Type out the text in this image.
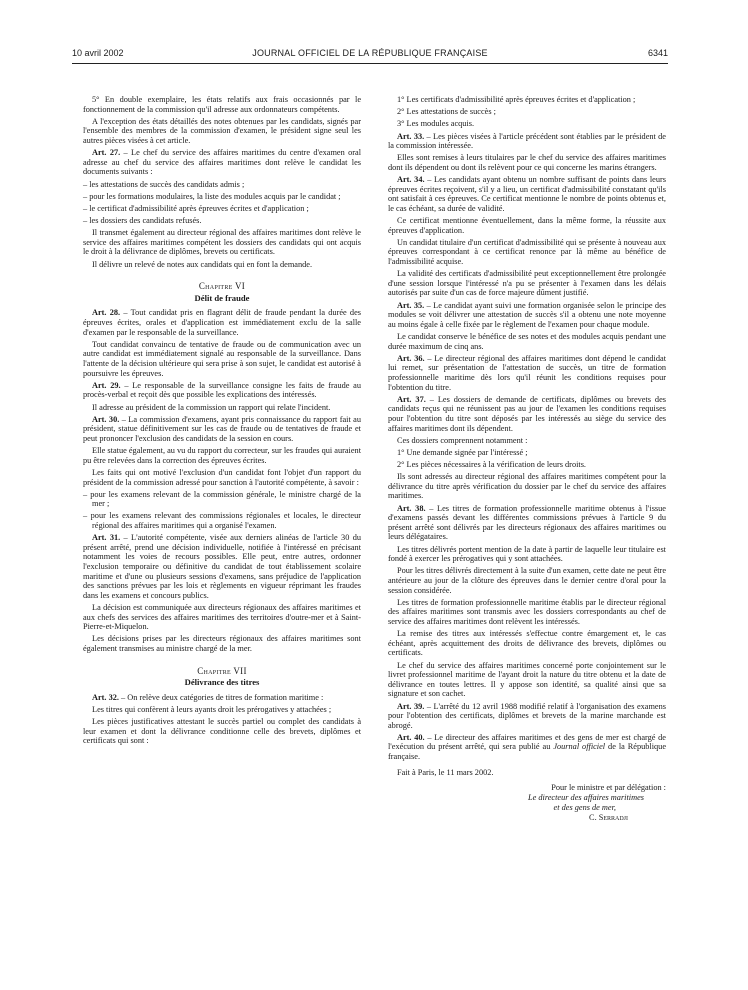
10 avril 2002	JOURNAL OFFICIEL DE LA RÉPUBLIQUE FRANÇAISE	6341

5° En double exemplaire, les états relatifs aux frais occasionnés par le fonctionnement de la commission qu'il adresse aux ordonnateurs compétents.

A l'exception des états détaillés des notes obtenues par les candidats, signés par l'ensemble des membres de la commission d'examen, le président signe seul les autres pièces visées à cet article.

Art. 27. – Le chef du service des affaires maritimes du centre d'examen oral adresse au chef du service des affaires maritimes dont relève le candidat les documents suivants :

– les attestations de succès des candidats admis ;

– pour les formations modulaires, la liste des modules acquis par le candidat ;

– le certificat d'admissibilité après épreuves écrites et d'application ;

– les dossiers des candidats refusés.

Il transmet également au directeur régional des affaires maritimes dont relève le service des affaires maritimes compétent les dossiers des candidats qui ont acquis le droit à la délivrance de diplômes, brevets ou certificats.

Il délivre un relevé de notes aux candidats qui en font la demande.

Chapitre VI
Délit de fraude

Art. 28. – Tout candidat pris en flagrant délit de fraude pendant la durée des épreuves écrites, orales et d'application est immédiatement exclu de la salle d'examen par le responsable de la surveillance.

Tout candidat convaincu de tentative de fraude ou de communication avec un autre candidat est immédiatement signalé au responsable de la surveillance. Dans l'attente de la décision ultérieure qui sera prise à son sujet, le candidat est autorisé à poursuivre les épreuves.

Art. 29. – Le responsable de la surveillance consigne les faits de fraude au procès-verbal et reçoit dès que possible les explications des intéressés.

Il adresse au président de la commission un rapport qui relate l'incident.

Art. 30. – La commission d'examens, ayant pris connaissance du rapport fait au président, statue définitivement sur les cas de fraude ou de tentatives de fraude et peut prononcer l'exclusion des candidats de la session en cours.

Elle statue également, au vu du rapport du correcteur, sur les fraudes qui auraient pu être relevées dans la correction des épreuves écrites.

Les faits qui ont motivé l'exclusion d'un candidat font l'objet d'un rapport du président de la commission adressé pour sanction à l'autorité compétente, à savoir :

– pour les examens relevant de la commission générale, le ministre chargé de la mer ;

– pour les examens relevant des commissions régionales et locales, le directeur régional des affaires maritimes qui a organisé l'examen.

Art. 31. – L'autorité compétente, visée aux derniers alinéas de l'article 30 du présent arrêté, prend une décision individuelle, notifiée à l'intéressé en précisant notamment les voies de recours possibles. Elle peut, entre autres, ordonner l'exclusion temporaire ou définitive du candidat de tout établissement scolaire maritime et d'une ou plusieurs sessions d'examens, sans préjudice de l'application des sanctions prévues par les lois et règlements en vigueur réprimant les fraudes dans les examens et concours publics.

La décision est communiquée aux directeurs régionaux des affaires maritimes et aux chefs des services des affaires maritimes des territoires d'outre-mer et à Saint-Pierre-et-Miquelon.

Les décisions prises par les directeurs régionaux des affaires maritimes sont également transmises au ministre chargé de la mer.

Chapitre VII
Délivrance des titres

Art. 32. – On relève deux catégories de titres de formation maritime :

Les titres qui confèrent à leurs ayants droit les prérogatives y attachées ;

Les pièces justificatives attestant le succès partiel ou complet des candidats à leur examen et dont la délivrance conditionne celle des brevets, diplômes et certificats qui sont :

1° Les certificats d'admissibilité après épreuves écrites et d'application ;

2° Les attestations de succès ;

3° Les modules acquis.

Art. 33. – Les pièces visées à l'article précédent sont établies par le président de la commission intéressée.

Elles sont remises à leurs titulaires par le chef du service des affaires maritimes dont ils dépendent ou dont ils relèvent pour ce qui concerne les marins étrangers.

Art. 34. – Les candidats ayant obtenu un nombre suffisant de points dans leurs épreuves écrites reçoivent, s'il y a lieu, un certificat d'admissibilité constatant qu'ils ont satisfait à ces épreuves. Ce certificat mentionne le nombre de points obtenus et, le cas échéant, sa durée de validité.

Ce certificat mentionne éventuellement, dans la même forme, la réussite aux épreuves d'application.

Un candidat titulaire d'un certificat d'admissibilité qui se présente à nouveau aux épreuves correspondant à ce certificat renonce par là même au bénéfice de l'admissibilité acquise.

La validité des certificats d'admissibilité peut exceptionnellement être prolongée d'une session lorsque l'intéressé n'a pu se présenter à l'examen dans les délais autorisés par suite d'un cas de force majeure dûment justifié.

Art. 35. – Le candidat ayant suivi une formation organisée selon le principe des modules se voit délivrer une attestation de succès s'il a obtenu une note moyenne au moins égale à celle fixée par le règlement de l'examen pour chaque module.

Le candidat conserve le bénéfice de ses notes et des modules acquis pendant une durée maximum de cinq ans.

Art. 36. – Le directeur régional des affaires maritimes dont dépend le candidat lui remet, sur présentation de l'attestation de succès, un titre de formation professionnelle maritime dès lors qu'il réunit les conditions requises pour l'obtention du titre.

Art. 37. – Les dossiers de demande de certificats, diplômes ou brevets des candidats reçus qui ne réunissent pas au jour de l'examen les conditions requises pour l'obtention du titre sont déposés par les intéressés au siège du service des affaires maritimes dont ils dépendent.

Ces dossiers comprennent notamment :

1° Une demande signée par l'intéressé ;

2° Les pièces nécessaires à la vérification de leurs droits.

Ils sont adressés au directeur régional des affaires maritimes compétent pour la délivrance du titre après vérification du dossier par le chef du service des affaires maritimes.

Art. 38. – Les titres de formation professionnelle maritime obtenus à l'issue d'examens passés devant les différentes commissions prévues à l'article 9 du présent arrêté sont délivrés par les directeurs régionaux des affaires maritimes ou leurs délégataires.

Les titres délivrés portent mention de la date à partir de laquelle leur titulaire est fondé à exercer les prérogatives qui y sont attachées.

Pour les titres délivrés directement à la suite d'un examen, cette date ne peut être antérieure au jour de la clôture des épreuves dans le dernier centre d'oral pour la session considérée.

Les titres de formation professionnelle maritime établis par le directeur régional des affaires maritimes sont transmis avec les dossiers correspondants au chef de service des affaires maritimes dont relèvent les intéressés.

La remise des titres aux intéressés s'effectue contre émargement et, le cas échéant, après acquittement des droits de délivrance des brevets, diplômes ou certificats.

Le chef du service des affaires maritimes concerné porte conjointement sur le livret professionnel maritime de l'ayant droit la nature du titre obtenu et la date de délivrance en toutes lettres. Il y appose son identité, sa qualité ainsi que sa signature et son cachet.

Art. 39. – L'arrêté du 12 avril 1988 modifié relatif à l'organisation des examens pour l'obtention des certificats, diplômes et brevets de la marine marchande est abrogé.

Art. 40. – Le directeur des affaires maritimes et des gens de mer est chargé de l'exécution du présent arrêté, qui sera publié au Journal officiel de la République française.

Fait à Paris, le 11 mars 2002.

Pour le ministre et par délégation :
Le directeur des affaires maritimes
et des gens de mer,
C. Serradji
